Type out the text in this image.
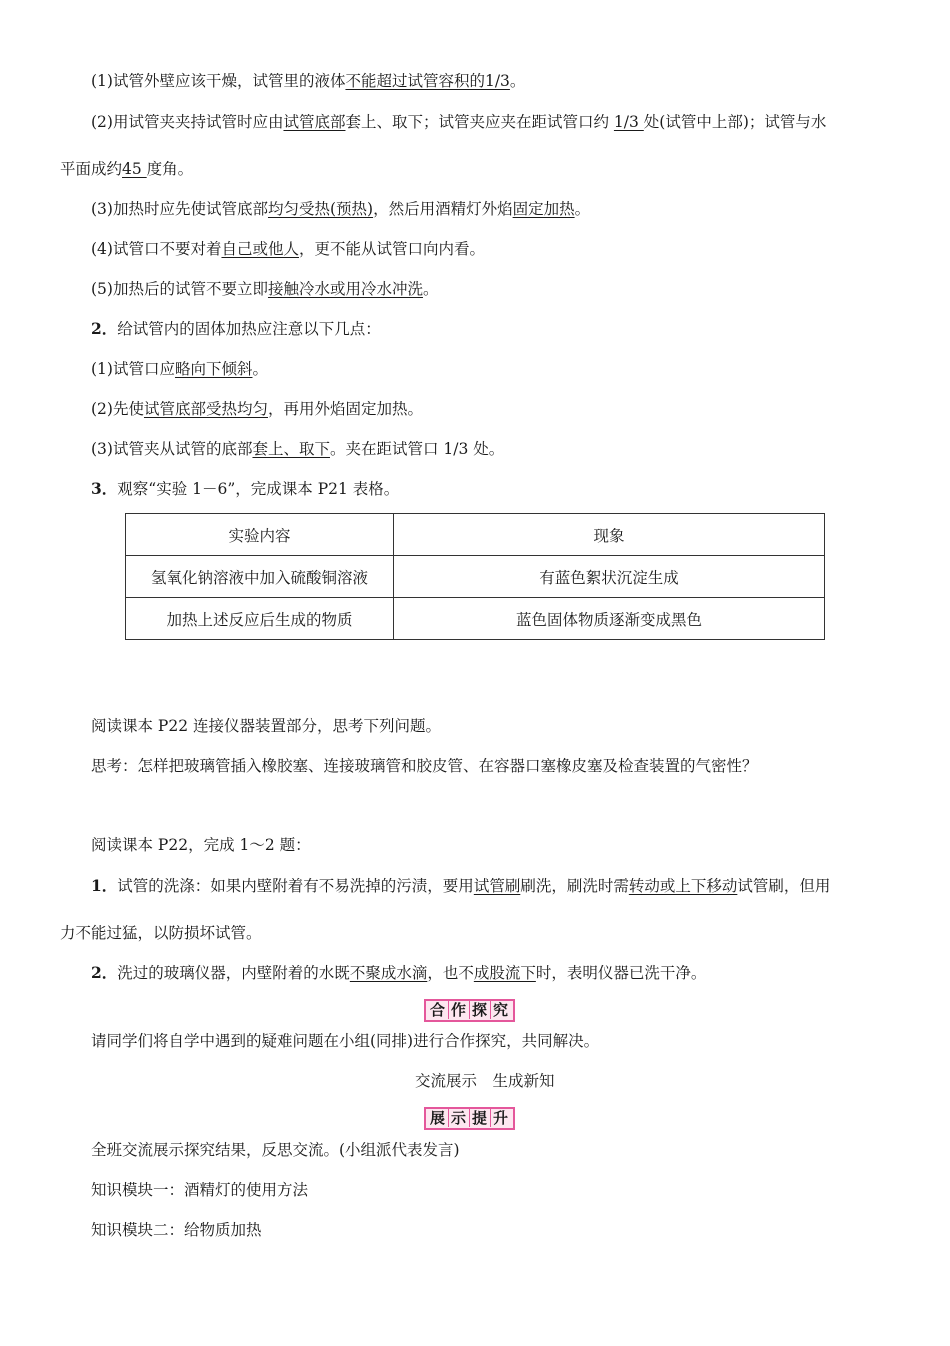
(1)试管外壁应该干燥，试管里的液体不能超过试管容积的1/3。
(2)用试管夹夹持试管时应由试管底部套上、取下；试管夹应夹在距试管口约 1/3 处(试管中上部)；试管与水
平面成约45 度角。
(3)加热时应先使试管底部均匀受热(预热)，然后用酒精灯外焰固定加热。
(4)试管口不要对着自己或他人，更不能从试管口向内看。
(5)加热后的试管不要立即接触冷水或用冷水冲洗。
2．给试管内的固体加热应注意以下几点：
(1)试管口应略向下倾斜。
(2)先使试管底部受热均匀，再用外焰固定加热。
(3)试管夹从试管的底部套上、取下。夹在距试管口 1/3 处。
3．观察“实验 1－6”，完成课本 P21 表格。
实验内容	现象
氢氧化钠溶液中加入硫酸铜溶液	有蓝色絮状沉淀生成
加热上述反应后生成的物质	蓝色固体物质逐渐变成黑色
阅读课本 P22 连接仪器装置部分，思考下列问题。
思考：怎样把玻璃管插入橡胶塞、连接玻璃管和胶皮管、在容器口塞橡皮塞及检查装置的气密性？
阅读课本 P22，完成 1～2 题：
1．试管的洗涤：如果内壁附着有不易洗掉的污渍，要用试管刷刷洗，刷洗时需转动或上下移动试管刷，但用
力不能过猛，以防损坏试管。
2．洗过的玻璃仪器，内壁附着的水既不聚成水滴，也不成股流下时，表明仪器已洗干净。
合 作 探 究
请同学们将自学中遇到的疑难问题在小组(同排)进行合作探究，共同解决。
交流展示　生成新知
展 示 提 升
全班交流展示探究结果，反思交流。(小组派代表发言)
知识模块一：酒精灯的使用方法
知识模块二：给物质加热
